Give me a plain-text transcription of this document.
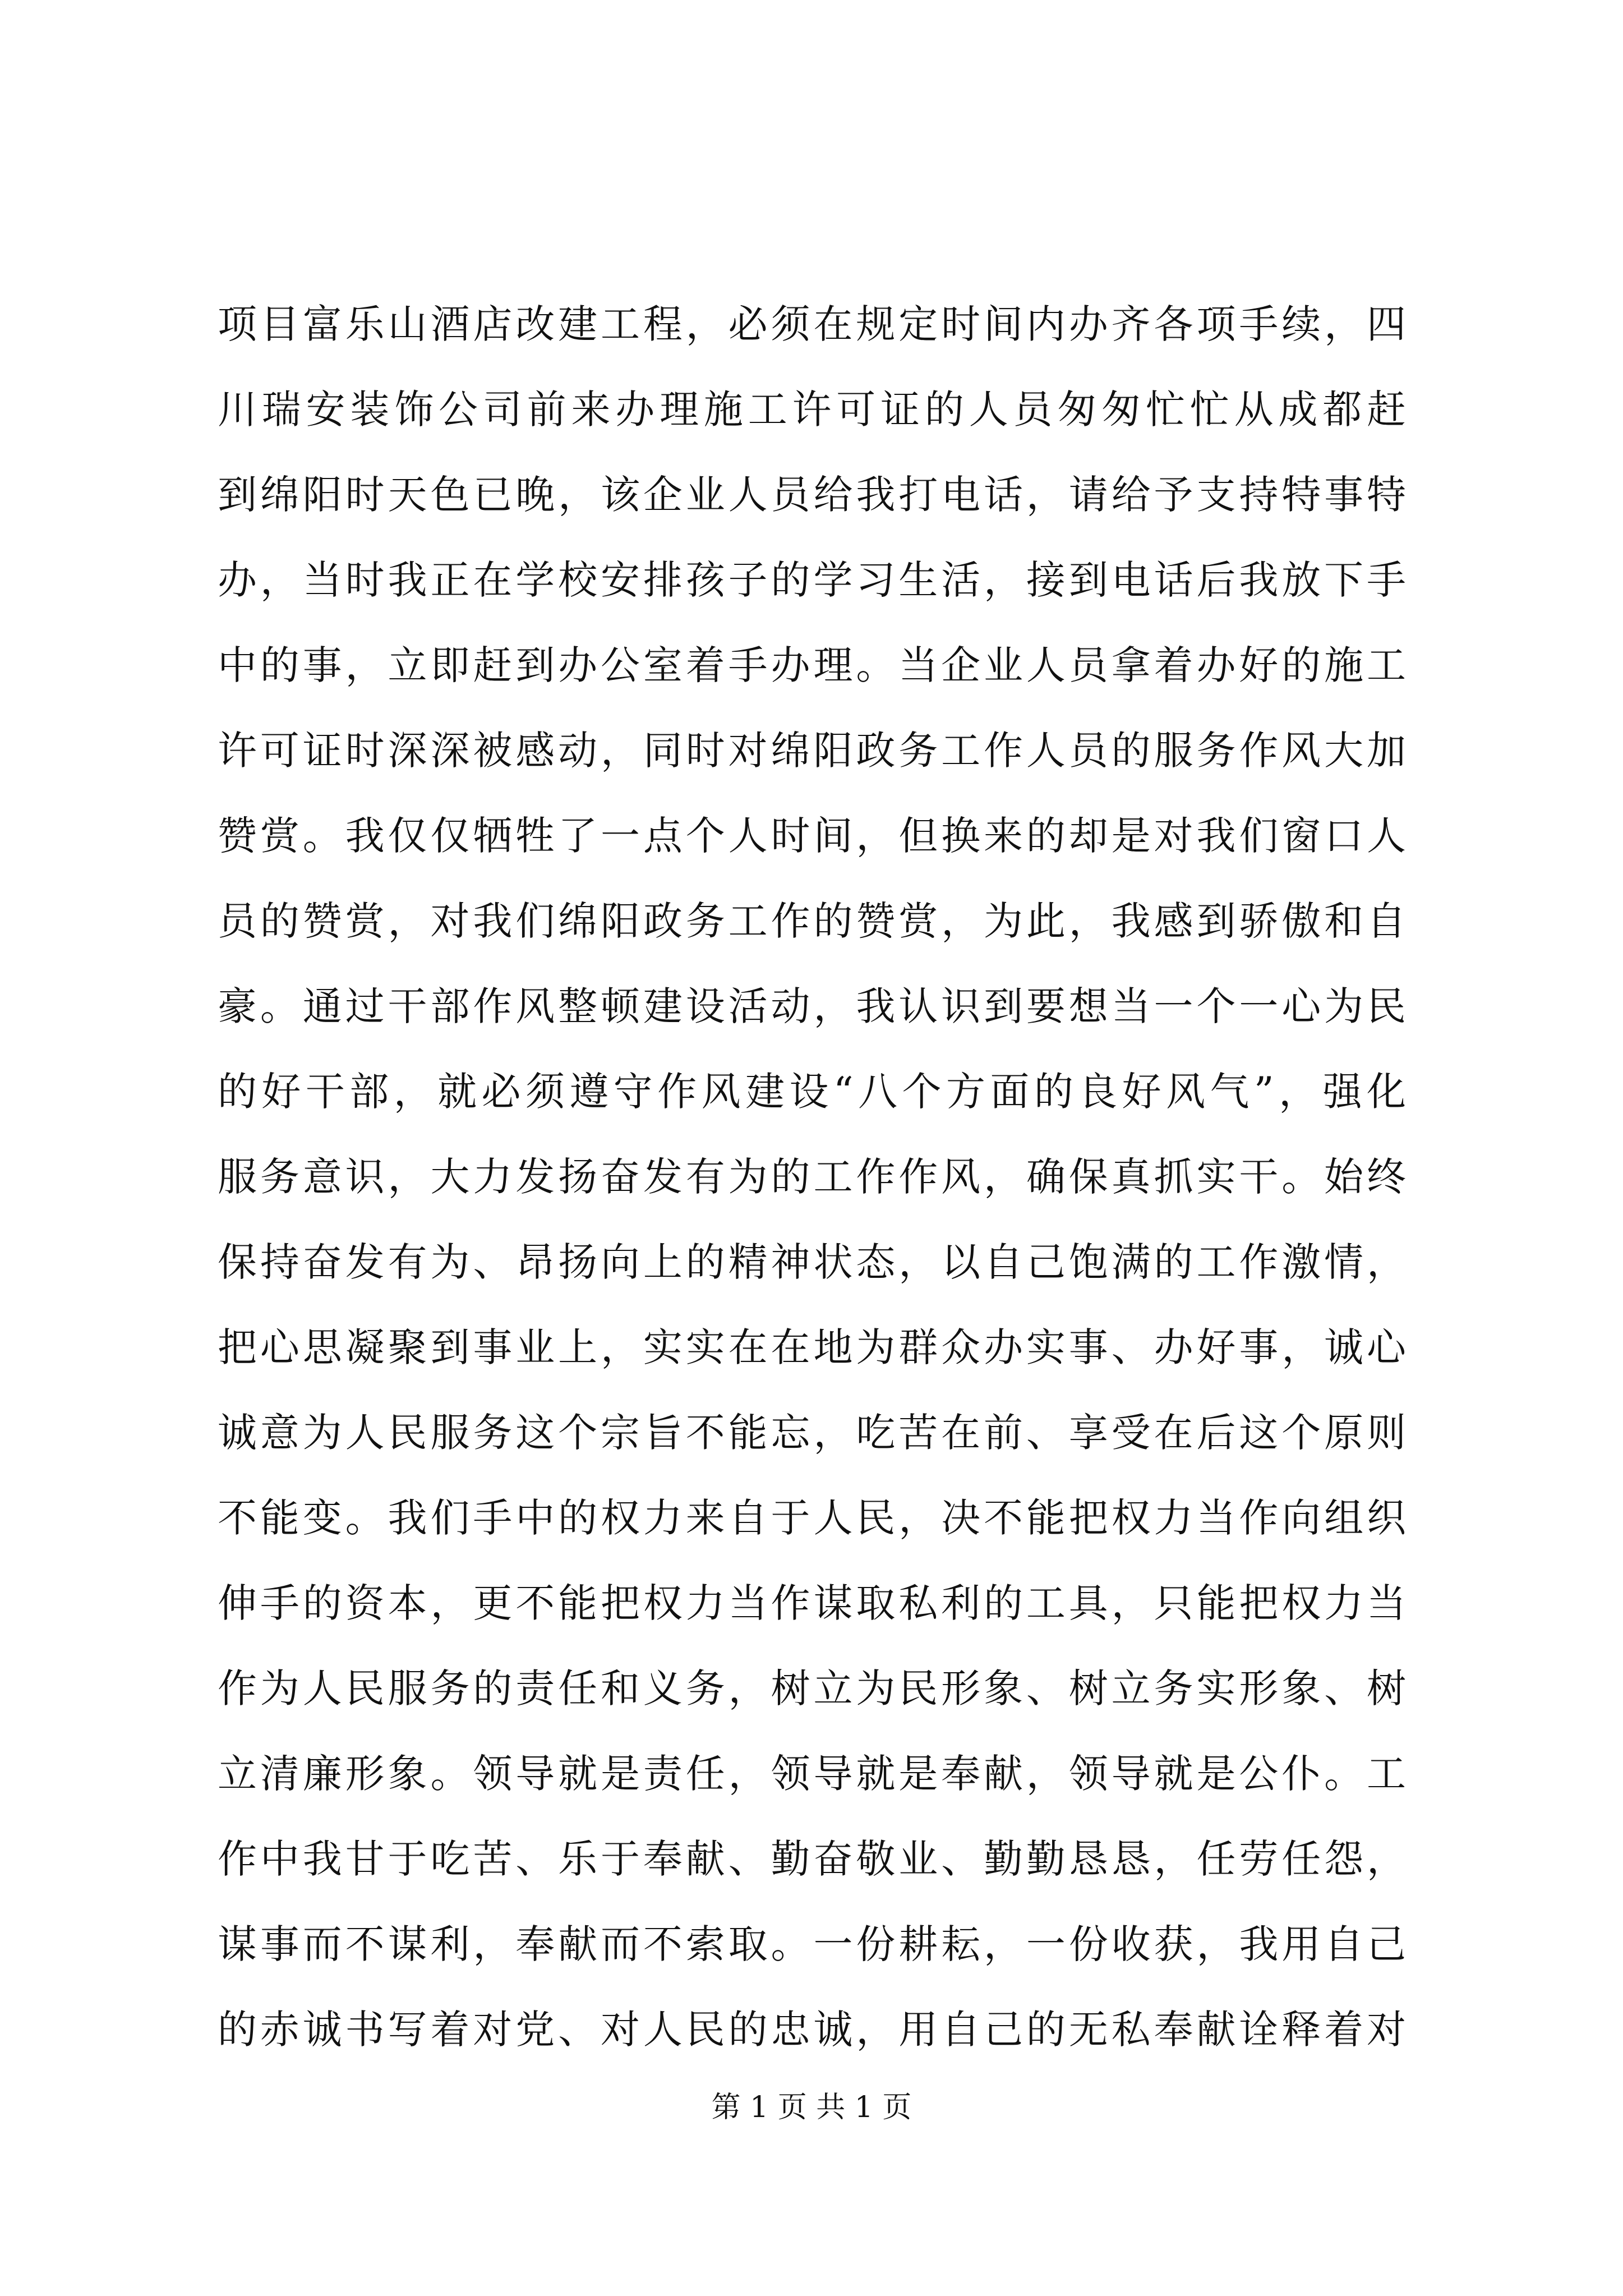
项目富乐山酒店改建工程，必须在规定时间内办齐各项手续，四
川瑞安装饰公司前来办理施工许可证的人员匆匆忙忙从成都赶
到绵阳时天色已晚，该企业人员给我打电话，请给予支持特事特
办，当时我正在学校安排孩子的学习生活，接到电话后我放下手
中的事，立即赶到办公室着手办理。当企业人员拿着办好的施工
许可证时深深被感动，同时对绵阳政务工作人员的服务作风大加
赞赏。我仅仅牺牲了一点个人时间，但换来的却是对我们窗口人
员的赞赏，对我们绵阳政务工作的赞赏，为此，我感到骄傲和自
豪。通过干部作风整顿建设活动，我认识到要想当一个一心为民
的好干部，就必须遵守作风建设“八个方面的良好风气”，强化
服务意识，大力发扬奋发有为的工作作风，确保真抓实干。始终
保持奋发有为、昂扬向上的精神状态，以自己饱满的工作激情，
把心思凝聚到事业上，实实在在地为群众办实事、办好事，诚心
诚意为人民服务这个宗旨不能忘，吃苦在前、享受在后这个原则
不能变。我们手中的权力来自于人民，决不能把权力当作向组织
伸手的资本，更不能把权力当作谋取私利的工具，只能把权力当
作为人民服务的责任和义务，树立为民形象、树立务实形象、树
立清廉形象。领导就是责任，领导就是奉献，领导就是公仆。工
作中我甘于吃苦、乐于奉献、勤奋敬业、勤勤恳恳，任劳任怨，
谋事而不谋利，奉献而不索取。一份耕耘，一份收获，我用自己
的赤诚书写着对党、对人民的忠诚，用自己的无私奉献诠释着对
第 1 页 共 1 页
